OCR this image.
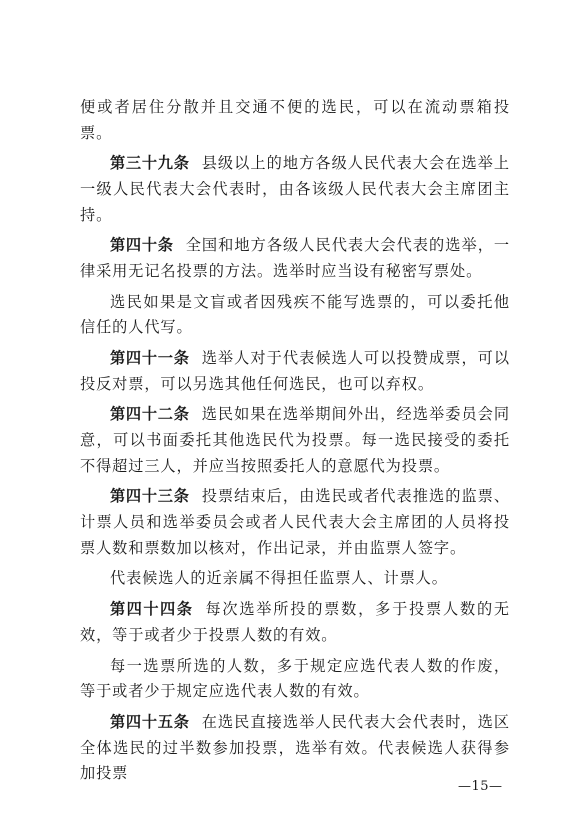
便或者居住分散并且交通不便的选民，可以在流动票箱投票。

第三十九条 县级以上的地方各级人民代表大会在选举上一级人民代表大会代表时，由各该级人民代表大会主席团主持。

第四十条 全国和地方各级人民代表大会代表的选举，一律采用无记名投票的方法。选举时应当设有秘密写票处。

选民如果是文盲或者因残疾不能写选票的，可以委托他信任的人代写。

第四十一条 选举人对于代表候选人可以投赞成票，可以投反对票，可以另选其他任何选民，也可以弃权。

第四十二条 选民如果在选举期间外出，经选举委员会同意，可以书面委托其他选民代为投票。每一选民接受的委托不得超过三人，并应当按照委托人的意愿代为投票。

第四十三条 投票结束后，由选民或者代表推选的监票、计票人员和选举委员会或者人民代表大会主席团的人员将投票人数和票数加以核对，作出记录，并由监票人签字。

代表候选人的近亲属不得担任监票人、计票人。

第四十四条 每次选举所投的票数，多于投票人数的无效，等于或者少于投票人数的有效。

每一选票所选的人数，多于规定应选代表人数的作废，等于或者少于规定应选代表人数的有效。

第四十五条 在选民直接选举人民代表大会代表时，选区全体选民的过半数参加投票，选举有效。代表候选人获得参加投票

—15—
